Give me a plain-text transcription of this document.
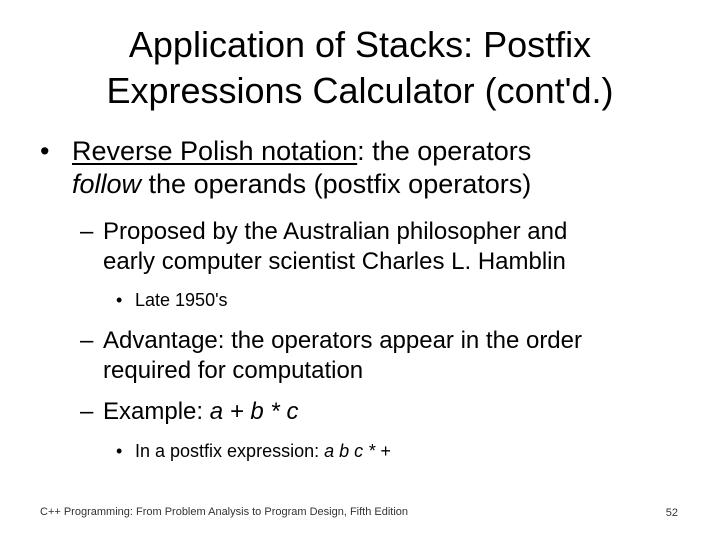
Application of Stacks: Postfix
Expressions Calculator (cont'd.)
• Reverse Polish notation: the operators
follow the operands (postfix operators)
– Proposed by the Australian philosopher and
early computer scientist Charles L. Hamblin
• Late 1950's
– Advantage: the operators appear in the order
required for computation
– Example: a + b * c
• In a postfix expression: a b c * +
C++ Programming: From Problem Analysis to Program Design, Fifth Edition	52
